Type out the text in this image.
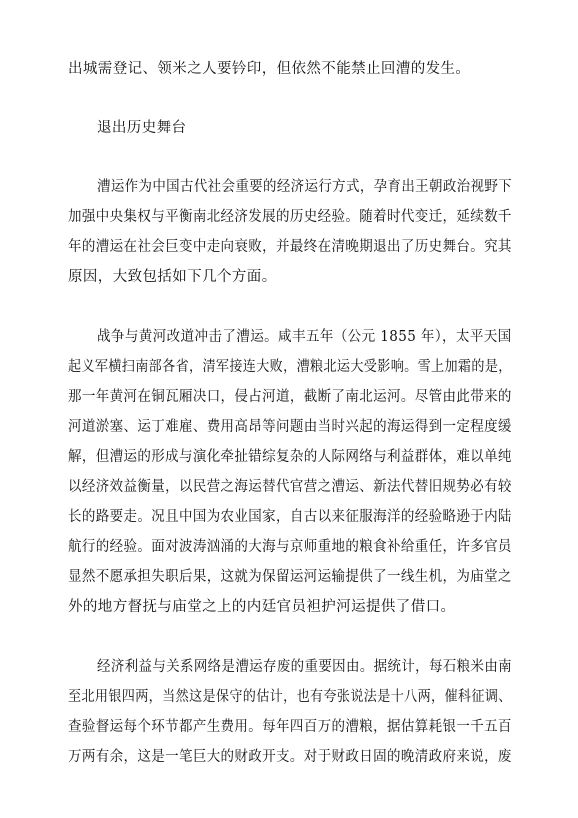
出城需登记、领米之人要钤印，但依然不能禁止回漕的发生。
退出历史舞台
漕运作为中国古代社会重要的经济运行方式，孕育出王朝政治视野下
加强中央集权与平衡南北经济发展的历史经验。随着时代变迁，延续数千
年的漕运在社会巨变中走向衰败，并最终在清晚期退出了历史舞台。究其
原因，大致包括如下几个方面。
战争与黄河改道冲击了漕运。咸丰五年（公元 1855 年），太平天国
起义军横扫南部各省，清军接连大败，漕粮北运大受影响。雪上加霜的是，
那一年黄河在铜瓦厢决口，侵占河道，截断了南北运河。尽管由此带来的
河道淤塞、运丁难雇、费用高昂等问题由当时兴起的海运得到一定程度缓
解，但漕运的形成与演化牵扯错综复杂的人际网络与利益群体，难以单纯
以经济效益衡量，以民营之海运替代官营之漕运、新法代替旧规势必有较
长的路要走。况且中国为农业国家，自古以来征服海洋的经验略逊于内陆
航行的经验。面对波涛汹涌的大海与京师重地的粮食补给重任，许多官员
显然不愿承担失职后果，这就为保留运河运输提供了一线生机，为庙堂之
外的地方督抚与庙堂之上的内廷官员袒护河运提供了借口。
经济利益与关系网络是漕运存废的重要因由。据统计，每石粮米由南
至北用银四两，当然这是保守的估计，也有夸张说法是十八两，催科征调、
查验督运每个环节都产生费用。每年四百万的漕粮，据估算耗银一千五百
万两有余，这是一笔巨大的财政开支。对于财政日固的晚清政府来说，废
